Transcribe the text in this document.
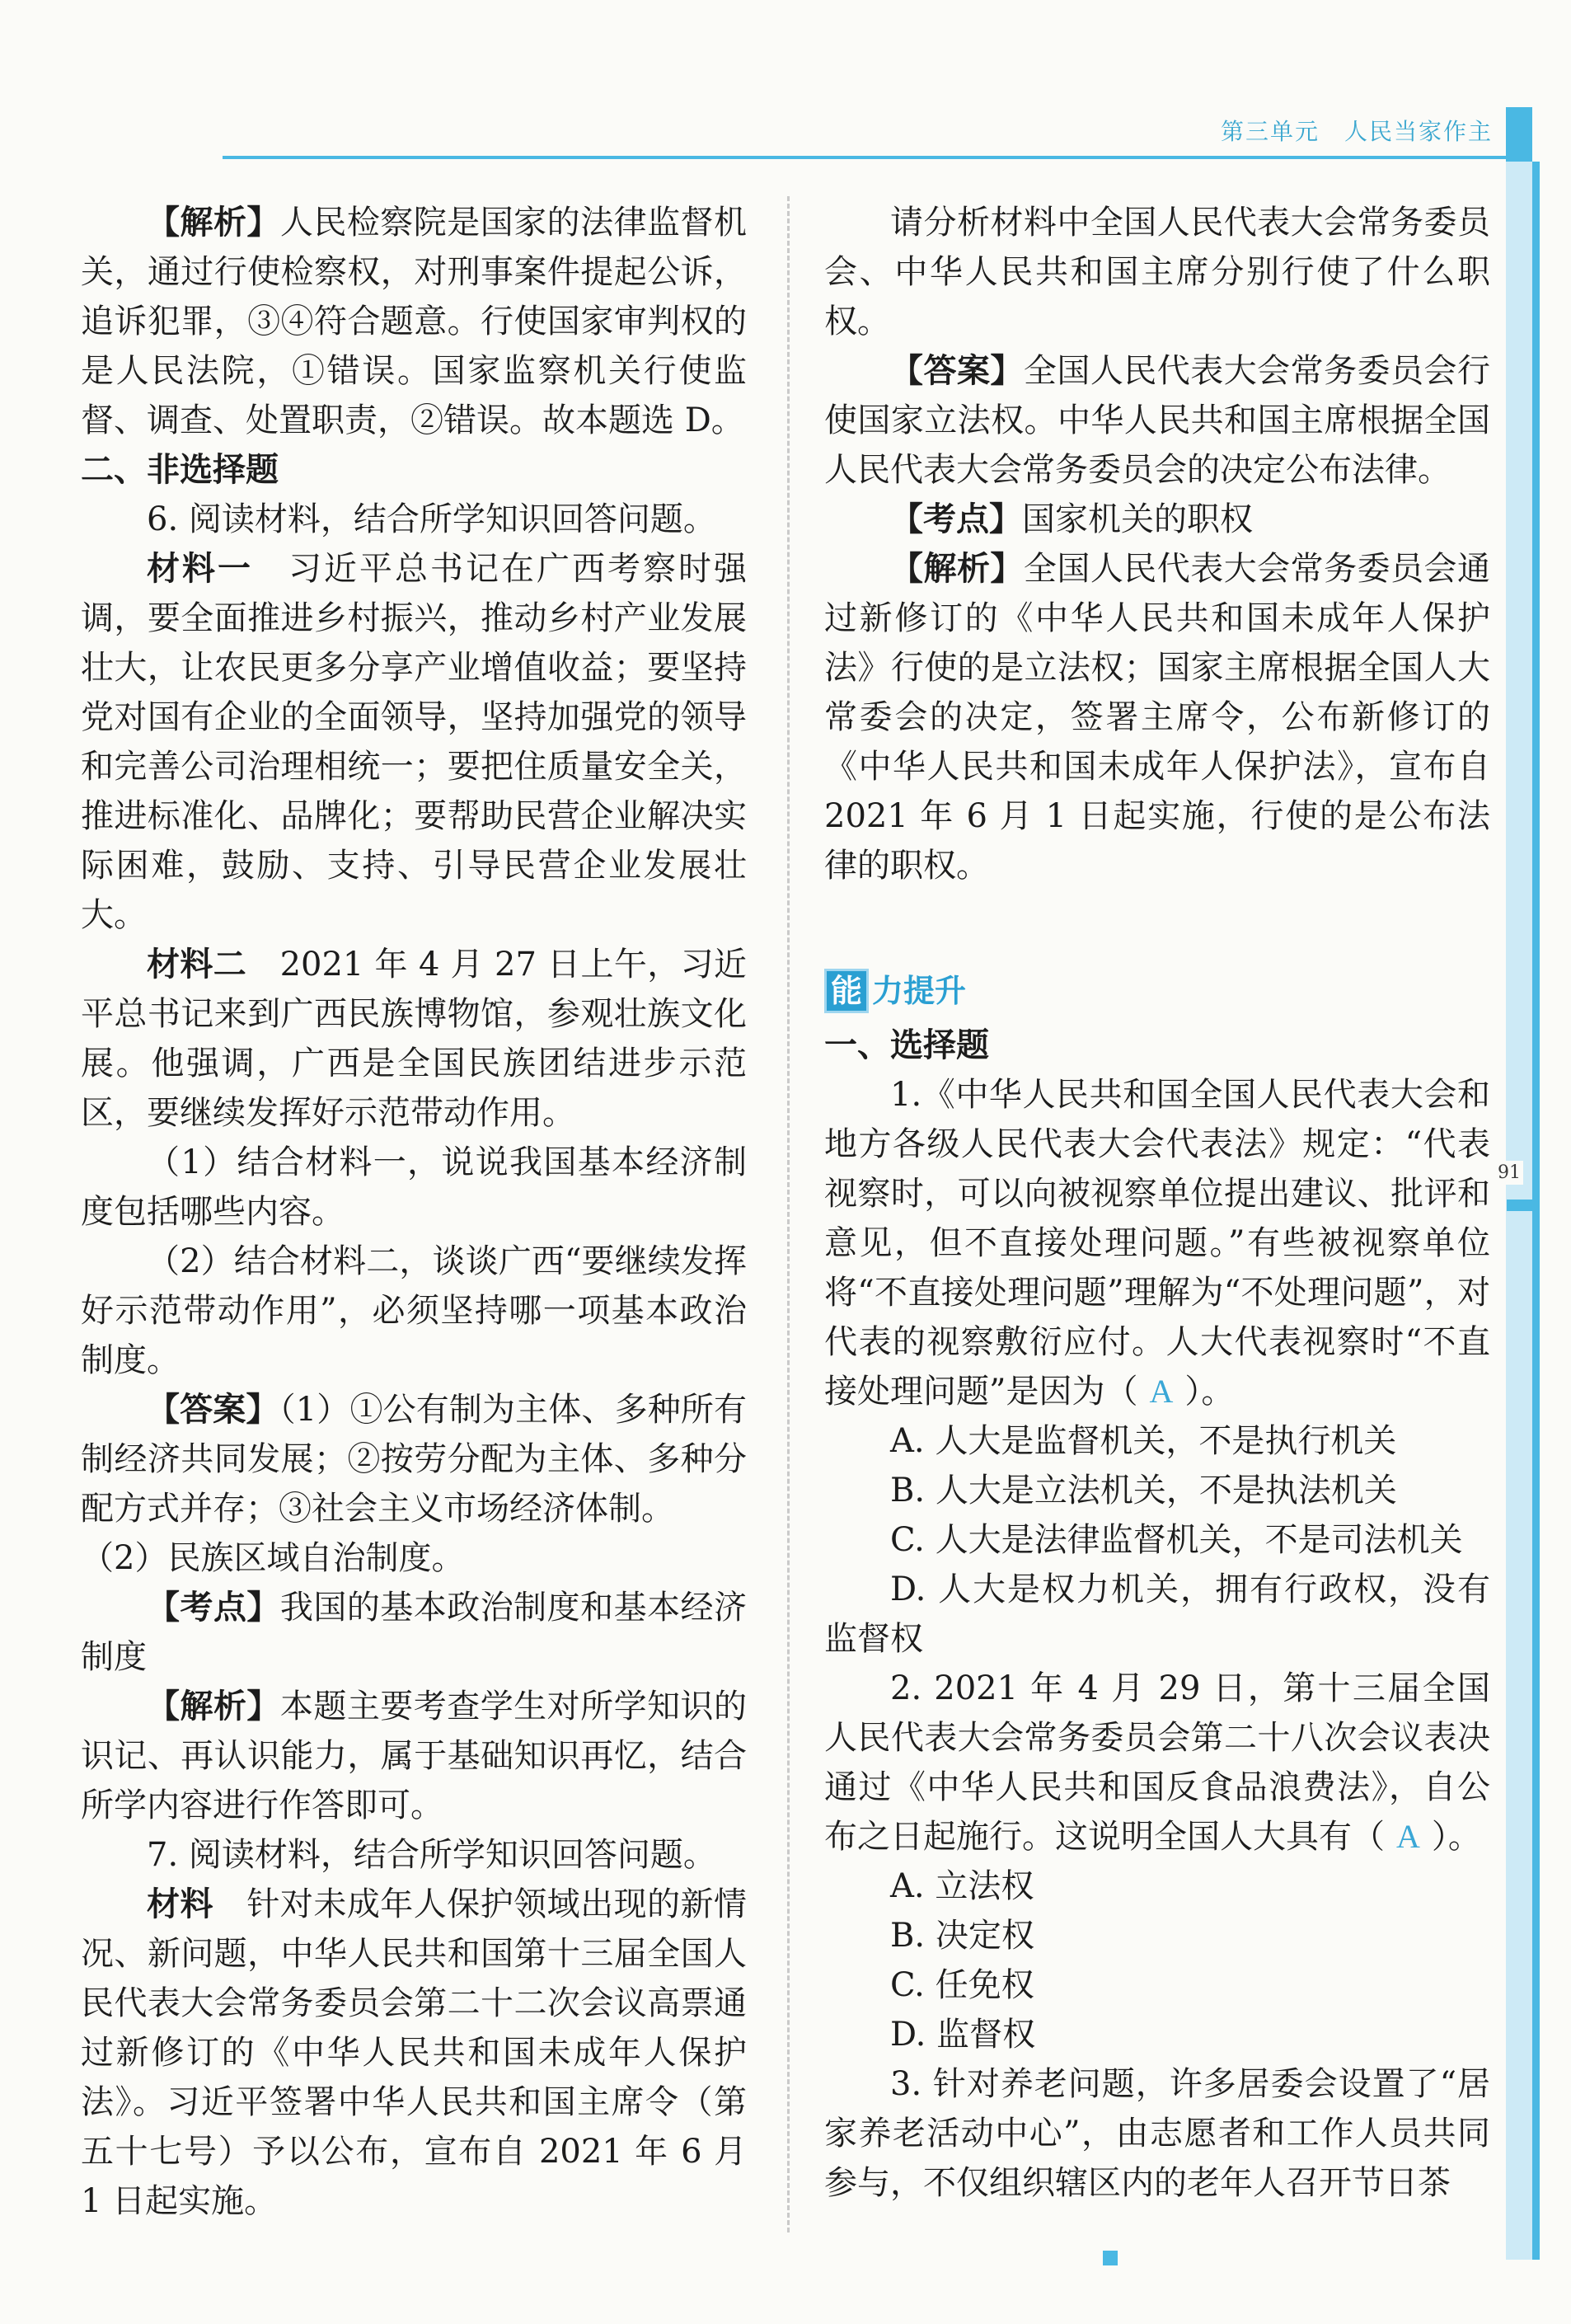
第三单元　人民当家作主
91

【解析】人民检察院是国家的法律监督机关，通过行使检察权，对刑事案件提起公诉，追诉犯罪，③④符合题意。行使国家审判权的是人民法院，①错误。国家监察机关行使监督、调查、处置职责，②错误。故本题选 D。

二、非选择题

6. 阅读材料，结合所学知识回答问题。

材料一　习近平总书记在广西考察时强调，要全面推进乡村振兴，推动乡村产业发展壮大，让农民更多分享产业增值收益；要坚持党对国有企业的全面领导，坚持加强党的领导和完善公司治理相统一；要把住质量安全关，推进标准化、品牌化；要帮助民营企业解决实际困难，鼓励、支持、引导民营企业发展壮大。

材料二　2021 年 4 月 27 日上午，习近平总书记来到广西民族博物馆，参观壮族文化展。他强调，广西是全国民族团结进步示范区，要继续发挥好示范带动作用。

（1）结合材料一，说说我国基本经济制度包括哪些内容。

（2）结合材料二，谈谈广西“要继续发挥好示范带动作用”，必须坚持哪一项基本政治制度。

【答案】（1）①公有制为主体、多种所有制经济共同发展；②按劳分配为主体、多种分配方式并存；③社会主义市场经济体制。

（2）民族区域自治制度。

【考点】我国的基本政治制度和基本经济制度

【解析】本题主要考查学生对所学知识的识记、再认识能力，属于基础知识再忆，结合所学内容进行作答即可。

7. 阅读材料，结合所学知识回答问题。

材料　针对未成年人保护领域出现的新情况、新问题，中华人民共和国第十三届全国人民代表大会常务委员会第二十二次会议高票通过新修订的《中华人民共和国未成年人保护法》。习近平签署中华人民共和国主席令（第五十七号）予以公布，宣布自 2021 年 6 月 1 日起实施。

请分析材料中全国人民代表大会常务委员会、中华人民共和国主席分别行使了什么职权。

【答案】全国人民代表大会常务委员会行使国家立法权。中华人民共和国主席根据全国人民代表大会常务委员会的决定公布法律。

【考点】国家机关的职权

【解析】全国人民代表大会常务委员会通过新修订的《中华人民共和国未成年人保护法》行使的是立法权；国家主席根据全国人大常委会的决定，签署主席令，公布新修订的《中华人民共和国未成年人保护法》，宣布自 2021 年 6 月 1 日起实施，行使的是公布法律的职权。

能 力提升

一、选择题

1.《中华人民共和国全国人民代表大会和地方各级人民代表大会代表法》规定：“代表视察时，可以向被视察单位提出建议、批评和意见，但不直接处理问题。”有些被视察单位将“不直接处理问题”理解为“不处理问题”，对代表的视察敷衍应付。人大代表视察时“不直接处理问题”是因为（ A ）。

A. 人大是监督机关，不是执行机关

B. 人大是立法机关，不是执法机关

C. 人大是法律监督机关，不是司法机关

D. 人大是权力机关，拥有行政权，没有监督权

2. 2021 年 4 月 29 日，第十三届全国人民代表大会常务委员会第二十八次会议表决通过《中华人民共和国反食品浪费法》，自公布之日起施行。这说明全国人大具有（ A ）。

A. 立法权

B. 决定权

C. 任免权

D. 监督权

3. 针对养老问题，许多居委会设置了“居家养老活动中心”，由志愿者和工作人员共同参与，不仅组织辖区内的老年人召开节日茶
